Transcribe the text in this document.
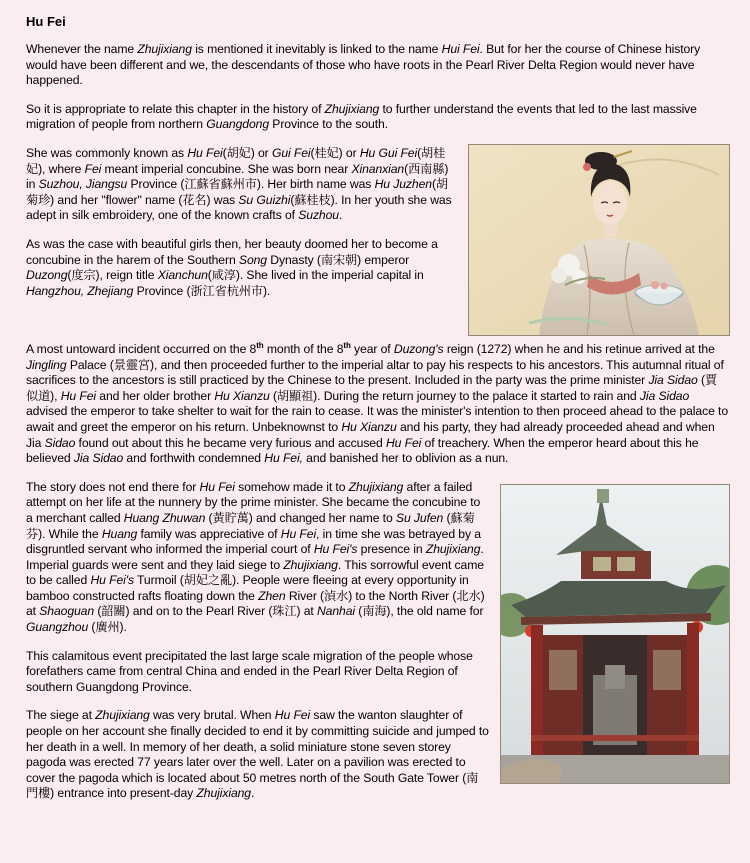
Hu Fei

Whenever the name Zhujixiang is mentioned it inevitably is linked to the name Hui Fei. But for her the course of Chinese history would have been different and we, the descendants of those who have roots in the Pearl River Delta Region would never have happened.

So it is appropriate to relate this chapter in the history of Zhujixiang to further understand the events that led to the last massive migration of people from northern Guangdong Province to the south.

She was commonly known as Hu Fei(胡妃) or Gui Fei(桂妃) or Hu Gui Fei(胡桂妃), where Fei meant imperial concubine. She was born near Xinanxian(西南縣) in Suzhou, Jiangsu Province (江蘇省蘇州市). Her birth name was Hu Juzhen(胡菊珍) and her "flower" name (花名) was Su Guizhi(蘇桂枝). In her youth she was adept in silk embroidery, one of the known crafts of Suzhou.

As was the case with beautiful girls then, her beauty doomed her to become a concubine in the harem of the Southern Song Dynasty (南宋朝) emperor Duzong(度宗), reign title Xianchun(咸淳). She lived in the imperial capital in Hangzhou, Zhejiang Province (浙江省杭州市).

A most untoward incident occurred on the 8th month of the 8th year of Duzong's reign (1272) when he and his retinue arrived at the Jingling Palace (景靈宮), and then proceeded further to the imperial altar to pay his respects to his ancestors. This autumnal ritual of sacrifices to the ancestors is still practiced by the Chinese to the present. Included in the party was the prime minister Jia Sidao (賈似道), Hu Fei and her older brother Hu Xianzu (胡顯祖). During the return journey to the palace it started to rain and Jia Sidao advised the emperor to take shelter to wait for the rain to cease. It was the minister's intention to then proceed ahead to the palace to await and greet the emperor on his return. Unbeknownst to Hu Xianzu and his party, they had already proceeded ahead and when Jia Sidao found out about this he became very furious and accused Hu Fei of treachery. When the emperor heard about this he believed Jia Sidao and forthwith condemned Hu Fei, and banished her to oblivion as a nun.

The story does not end there for Hu Fei somehow made it to Zhujixiang after a failed attempt on her life at the nunnery by the prime minister. She became the concubine to a merchant called Huang Zhuwan (黃貯萬) and changed her name to Su Jufen (蘇菊芬). While the Huang family was appreciative of Hu Fei, in time she was betrayed by a disgruntled servant who informed the imperial court of Hu Fei's presence in Zhujixiang. Imperial guards were sent and they laid siege to Zhujixiang. This sorrowful event came to be called Hu Fei's Turmoil (胡妃之亂). People were fleeing at every opportunity in bamboo constructed rafts floating down the Zhen River (湞水) to the North River (北水) at Shaoguan (韶關) and on to the Pearl River (珠江) at Nanhai (南海), the old name for Guangzhou (廣州).

This calamitous event precipitated the last large scale migration of the people whose forefathers came from central China and ended in the Pearl River Delta Region of southern Guangdong Province.

The siege at Zhujixiang was very brutal. When Hu Fei saw the wanton slaughter of people on her account she finally decided to end it by committing suicide and jumped to her death in a well. In memory of her death, a solid miniature stone seven storey pagoda was erected 77 years later over the well. Later on a pavilion was erected to cover the pagoda which is located about 50 metres north of the South Gate Tower (南門樓) entrance into present-day Zhujixiang.
